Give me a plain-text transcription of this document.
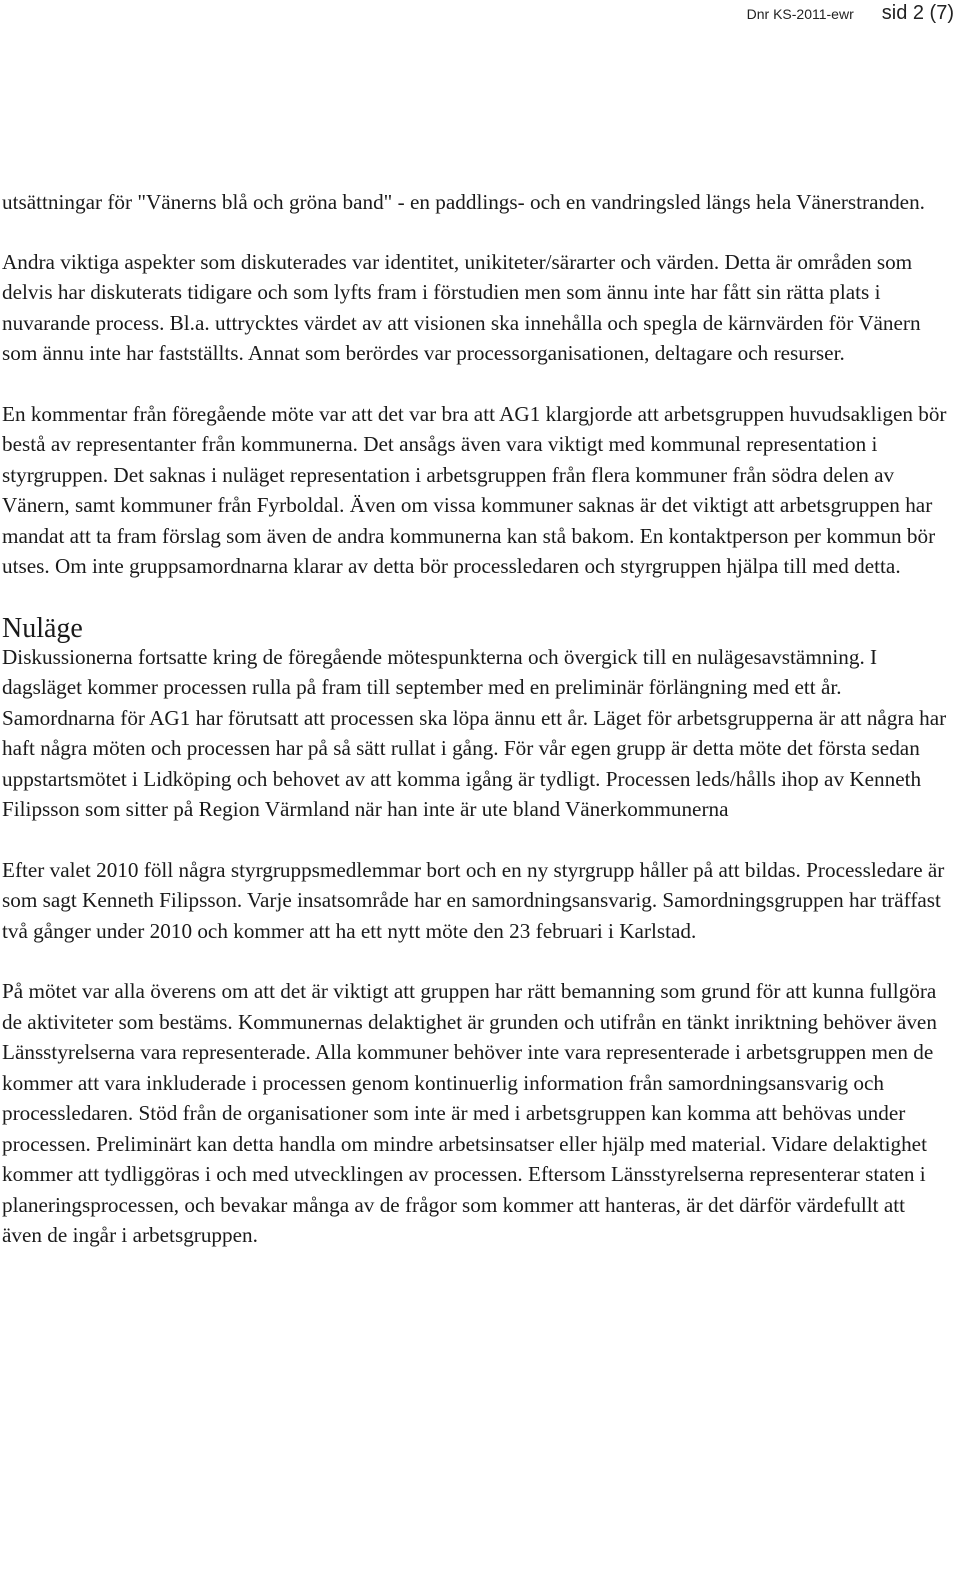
Dnr KS-2011-ewr sid 2 (7)

utsättningar för "Vänerns blå och gröna band" - en paddlings- och en vandringsled längs hela Vänerstranden.

Andra viktiga aspekter som diskuterades var identitet, unikiteter/särarter och värden. Detta är områden som delvis har diskuterats tidigare och som lyfts fram i förstudien men som ännu inte har fått sin rätta plats i nuvarande process. Bl.a. uttrycktes värdet av att visionen ska innehålla och spegla de kärnvärden för Vänern som ännu inte har fastställts. Annat som berördes var processorganisationen, deltagare och resurser.

En kommentar från föregående möte var att det var bra att AG1 klargjorde att arbetsgruppen huvudsakligen bör bestå av representanter från kommunerna. Det ansågs även vara viktigt med kommunal representation i styrgruppen. Det saknas i nuläget representation i arbetsgruppen från flera kommuner från södra delen av Vänern, samt kommuner från Fyrboldal. Även om vissa kommuner saknas är det viktigt att arbetsgruppen har mandat att ta fram förslag som även de andra kommunerna kan stå bakom. En kontaktperson per kommun bör utses. Om inte gruppsamordnarna klarar av detta bör processledaren och styrgruppen hjälpa till med detta.

Nuläge

Diskussionerna fortsatte kring de föregående mötespunkterna och övergick till en nulägesavstämning. I dagsläget kommer processen rulla på fram till september med en preliminär förlängning med ett år. Samordnarna för AG1 har förutsatt att processen ska löpa ännu ett år. Läget för arbetsgrupperna är att några har haft några möten och processen har på så sätt rullat i gång. För vår egen grupp är detta möte det första sedan uppstartsmötet i Lidköping och behovet av att komma igång är tydligt. Processen leds/hålls ihop av Kenneth Filipsson som sitter på Region Värmland när han inte är ute bland Vänerkommunerna

Efter valet 2010 föll några styrgruppsmedlemmar bort och en ny styrgrupp håller på att bildas. Processledare är som sagt Kenneth Filipsson. Varje insatsområde har en samordningsansvarig. Samordningsgruppen har träffast två gånger under 2010 och kommer att ha ett nytt möte den 23 februari i Karlstad.

På mötet var alla överens om att det är viktigt att gruppen har rätt bemanning som grund för att kunna fullgöra de aktiviteter som bestäms. Kommunernas delaktighet är grunden och utifrån en tänkt inriktning behöver även Länsstyrelserna vara representerade. Alla kommuner behöver inte vara representerade i arbetsgruppen men de kommer att vara inkluderade i processen genom kontinuerlig information från samordningsansvarig och processledaren. Stöd från de organisationer som inte är med i arbetsgruppen kan komma att behövas under processen. Preliminärt kan detta handla om mindre arbetsinsatser eller hjälp med material. Vidare delaktighet kommer att tydliggöras i och med utvecklingen av processen. Eftersom Länsstyrelserna representerar staten i planeringsprocessen, och bevakar många av de frågor som kommer att hanteras, är det därför värdefullt att även de ingår i arbetsgruppen.
